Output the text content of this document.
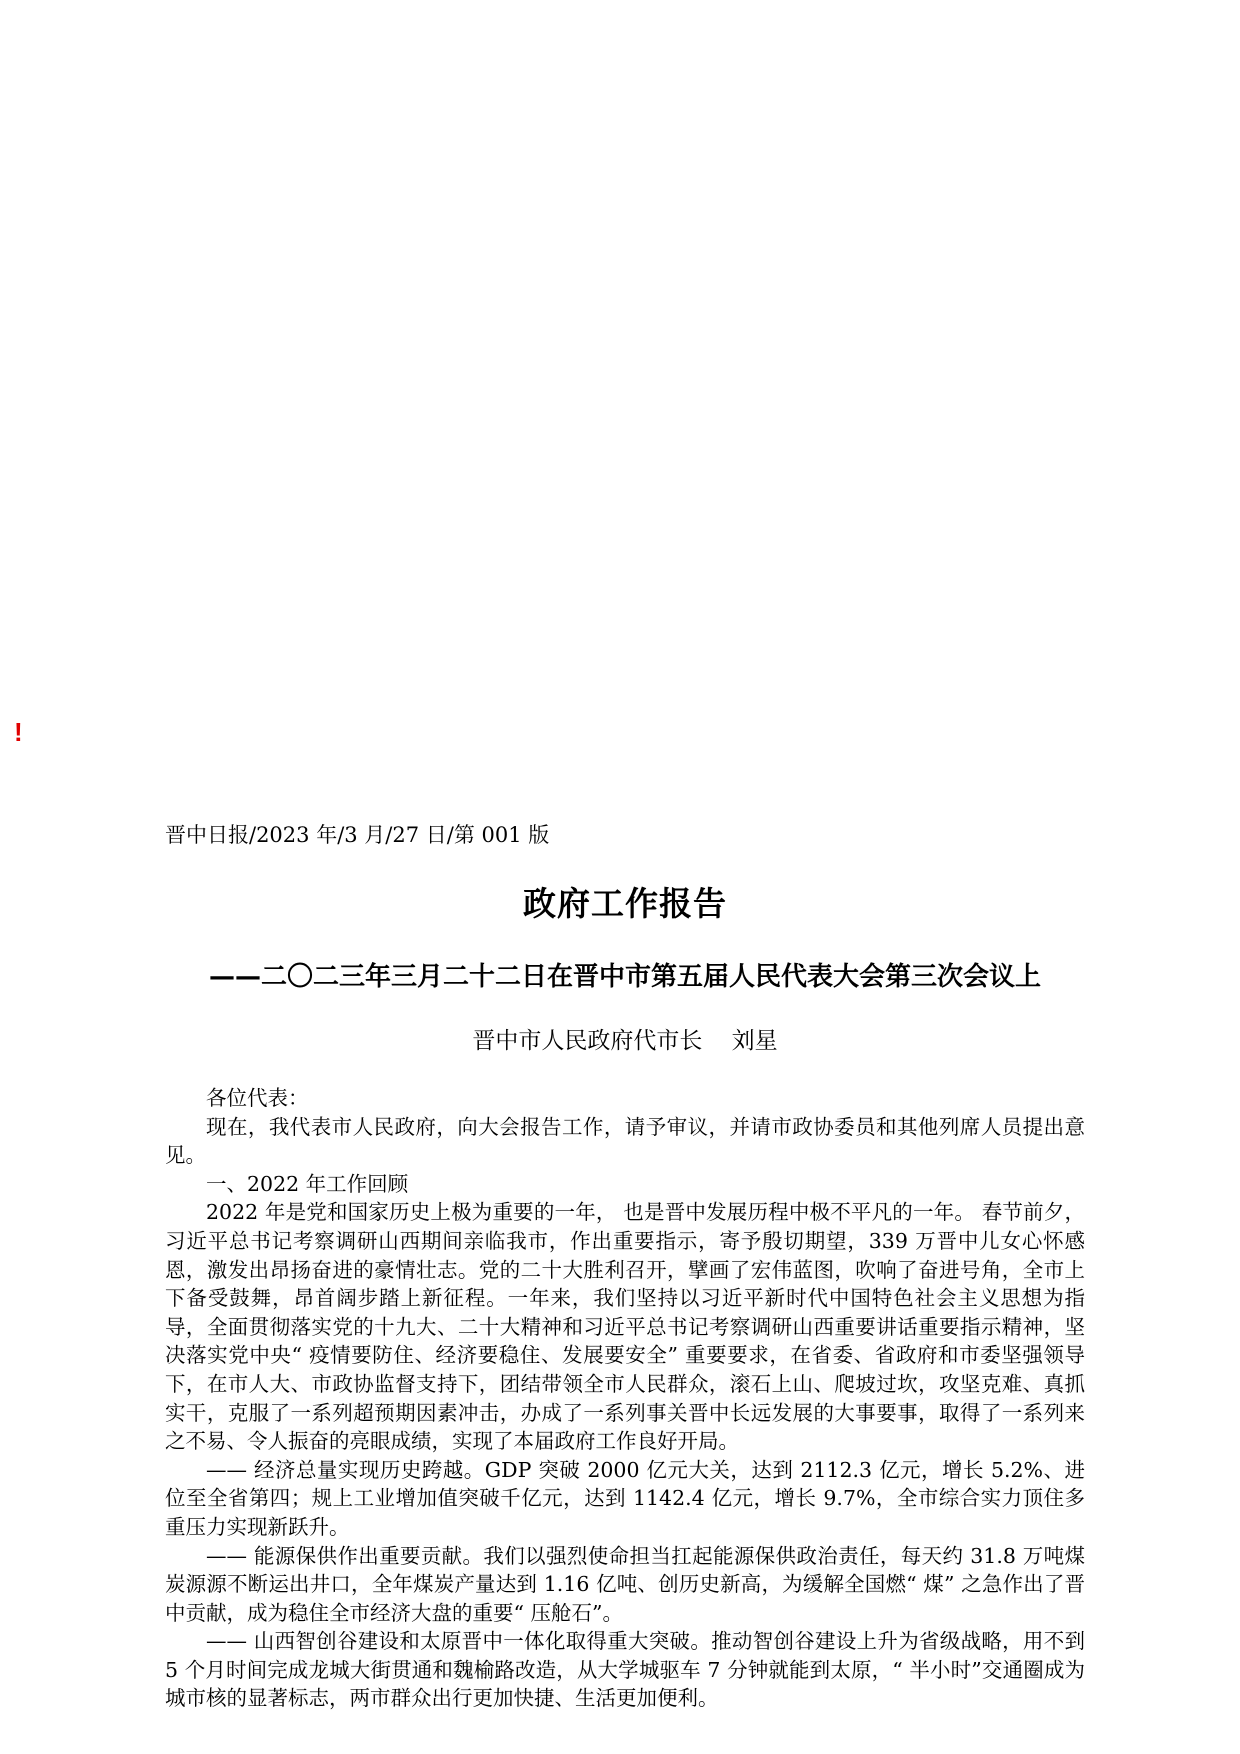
!
晋中日报/2023 年/3 月/27 日/第 001 版
政府工作报告
——二〇二三年三月二十二日在晋中市第五届人民代表大会第三次会议上
晋中市人民政府代市长    刘星

各位代表：

现在，我代表市人民政府，向大会报告工作，请予审议，并请市政协委员和其他列席人员提出意见。

一、2022 年工作回顾

2022 年是党和国家历史上极为重要的一年， 也是晋中发展历程中极不平凡的一年。 春节前夕，习近平总书记考察调研山西期间亲临我市，作出重要指示，寄予殷切期望，339 万晋中儿女心怀感恩，激发出昂扬奋进的豪情壮志。党的二十大胜利召开，擘画了宏伟蓝图，吹响了奋进号角，全市上下备受鼓舞，昂首阔步踏上新征程。一年来，我们坚持以习近平新时代中国特色社会主义思想为指导，全面贯彻落实党的十九大、二十大精神和习近平总书记考察调研山西重要讲话重要指示精神，坚决落实党中央“ 疫情要防住、经济要稳住、发展要安全” 重要要求，在省委、省政府和市委坚强领导下，在市人大、市政协监督支持下，团结带领全市人民群众，滚石上山、爬坡过坎，攻坚克难、真抓实干，克服了一系列超预期因素冲击，办成了一系列事关晋中长远发展的大事要事，取得了一系列来之不易、令人振奋的亮眼成绩，实现了本届政府工作良好开局。

—— 经济总量实现历史跨越。GDP 突破 2000 亿元大关，达到 2112.3 亿元，增长 5.2%、进位至全省第四；规上工业增加值突破千亿元，达到 1142.4 亿元，增长 9.7%，全市综合实力顶住多重压力实现新跃升。

—— 能源保供作出重要贡献。我们以强烈使命担当扛起能源保供政治责任，每天约 31.8 万吨煤炭源源不断运出井口，全年煤炭产量达到 1.16 亿吨、创历史新高，为缓解全国燃“ 煤” 之急作出了晋中贡献，成为稳住全市经济大盘的重要“ 压舱石”。

—— 山西智创谷建设和太原晋中一体化取得重大突破。推动智创谷建设上升为省级战略，用不到 5 个月时间完成龙城大街贯通和魏榆路改造，从大学城驱车 7 分钟就能到太原，“ 半小时”交通圈成为城市核的显著标志，两市群众出行更加快捷、生活更加便利。
